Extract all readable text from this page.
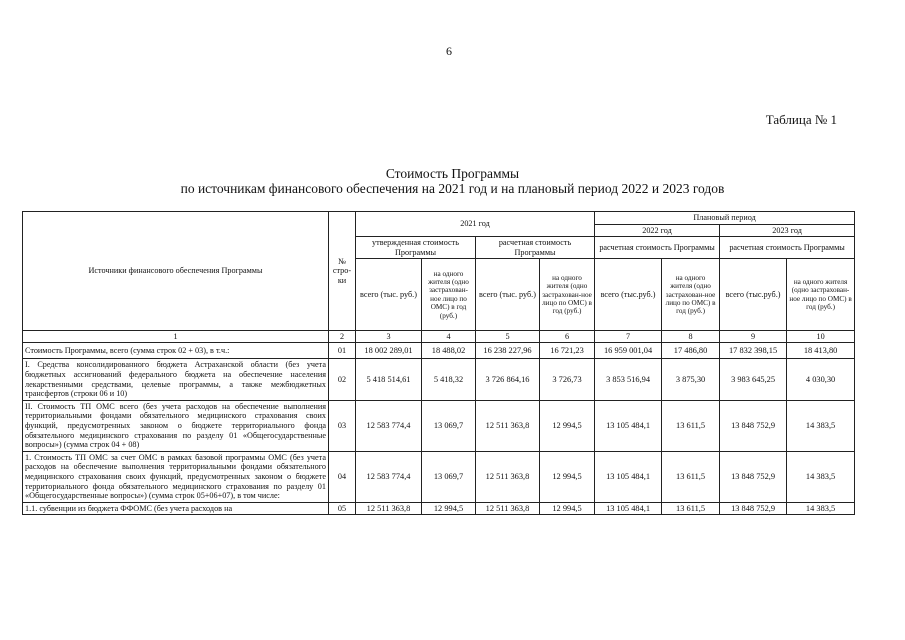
6
Таблица № 1
Стоимость Программы
по источникам финансового обеспечения на 2021 год и на плановый период 2022 и 2023 годов
Источники финансового обеспечения Программы	№ стро-ки	2021 год				Плановый период			
						2022 год		2023 год	
		утвержденная стоимость Программы		расчетная стоимость Программы		расчетная стоимость Программы		расчетная стоимость Программы	
		всего (тыс. руб.)	на одного жителя (одно застрахован-ное лицо по ОМС) в год (руб.)	всего (тыс. руб.)	на одного жителя (одно застрахован-ное лицо по ОМС) в год (руб.)	всего (тыс.руб.)	на одного жителя (одно застрахован-ное лицо по ОМС) в год (руб.)	всего (тыс.руб.)	на одного жителя (одно застрахован-ное лицо по ОМС) в год (руб.)
1	2	3	4	5	6	7	8	9	10
Стоимость Программы, всего (сумма строк 02 + 03), в т.ч.:	01	18 002 289,01	18 488,02	16 238 227,96	16 721,23	16 959 001,04	17 486,80	17 832 398,15	18 413,80
I. Средства консолидированного бюджета Астраханской области (без учета бюджетных ассигнований федерального бюджета на обеспечение населения лекарственными средствами, целевые программы, а также межбюджетных трансфертов (строки 06 и 10)	02	5 418 514,61	5 418,32	3 726 864,16	3 726,73	3 853 516,94	3 875,30	3 983 645,25	4 030,30
II. Стоимость ТП ОМС всего (без учета расходов на обеспечение выполнения территориальными фондами обязательного медицинского страхования своих функций, предусмотренных законом о бюджете территориального фонда обязательного медицинского страхования по разделу 01 «Общегосударственные вопросы») (сумма строк 04 + 08)	03	12 583 774,4	13 069,7	12 511 363,8	12 994,5	13 105 484,1	13 611,5	13 848 752,9	14 383,5
1. Стоимость ТП ОМС за счет ОМС в рамках базовой программы ОМС (без учета расходов на обеспечение выполнения территориальными фондами обязательного медицинского страхования своих функций, предусмотренных законом о бюджете территориального фонда обязательного медицинского страхования по разделу 01 «Общегосударственные вопросы») (сумма строк 05+06+07), в том числе:	04	12 583 774,4	13 069,7	12 511 363,8	12 994,5	13 105 484,1	13 611,5	13 848 752,9	14 383,5
1.1. субвенции из бюджета ФФОМС (без учета расходов на	05	12 511 363,8	12 994,5	12 511 363,8	12 994,5	13 105 484,1	13 611,5	13 848 752,9	14 383,5
